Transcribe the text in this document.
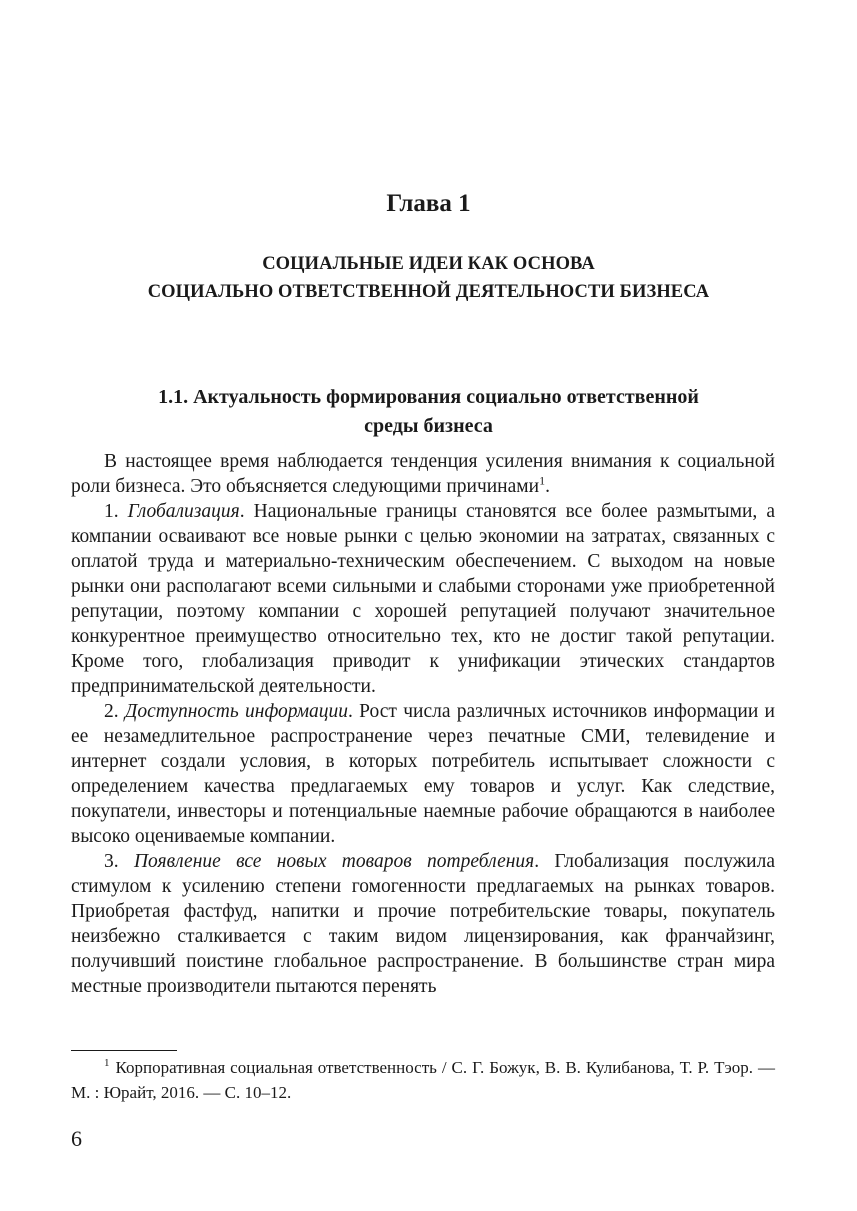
Глава 1
СОЦИАЛЬНЫЕ ИДЕИ КАК ОСНОВА
СОЦИАЛЬНО ОТВЕТСТВЕННОЙ ДЕЯТЕЛЬНОСТИ БИЗНЕСА
1.1. Актуальность формирования социально ответственной
среды бизнеса

В настоящее время наблюдается тенденция усиления внимания к социальной роли бизнеса. Это объясняется следующими причинами$^1$.

1. Глобализация. Национальные границы становятся все более размытыми, а компании осваивают все новые рынки с целью экономии на затратах, связанных с оплатой труда и материально-техническим обеспечением. С выходом на новые рынки они располагают всеми сильными и слабыми сторонами уже приобретенной репутации, поэтому компании с хорошей репутацией получают значительное конкурентное преимущество относительно тех, кто не достиг такой репутации. Кроме того, глобализация приводит к унификации этических стандартов предпринимательской деятельности.

2. Доступность информации. Рост числа различных источников информации и ее незамедлительное распространение через печатные СМИ, телевидение и интернет создали условия, в которых потребитель испытывает сложности с определением качества предлагаемых ему товаров и услуг. Как следствие, покупатели, инвесторы и потенциальные наемные рабочие обращаются в наиболее высоко оцениваемые компании.

3. Появление все новых товаров потребления. Глобализация послужила стимулом к усилению степени гомогенности предлагаемых на рынках товаров. Приобретая фастфуд, напитки и прочие потребительские товары, покупатель неизбежно сталкивается с таким видом лицензирования, как франчайзинг, получивший поистине глобальное распространение. В большинстве стран мира местные производители пытаются перенять

$^1$ Корпоративная социальная ответственность / С. Г. Божук, В. В. Кулибанова, Т. Р. Тэор. — М. : Юрайт, 2016. — С. 10–12.

6
